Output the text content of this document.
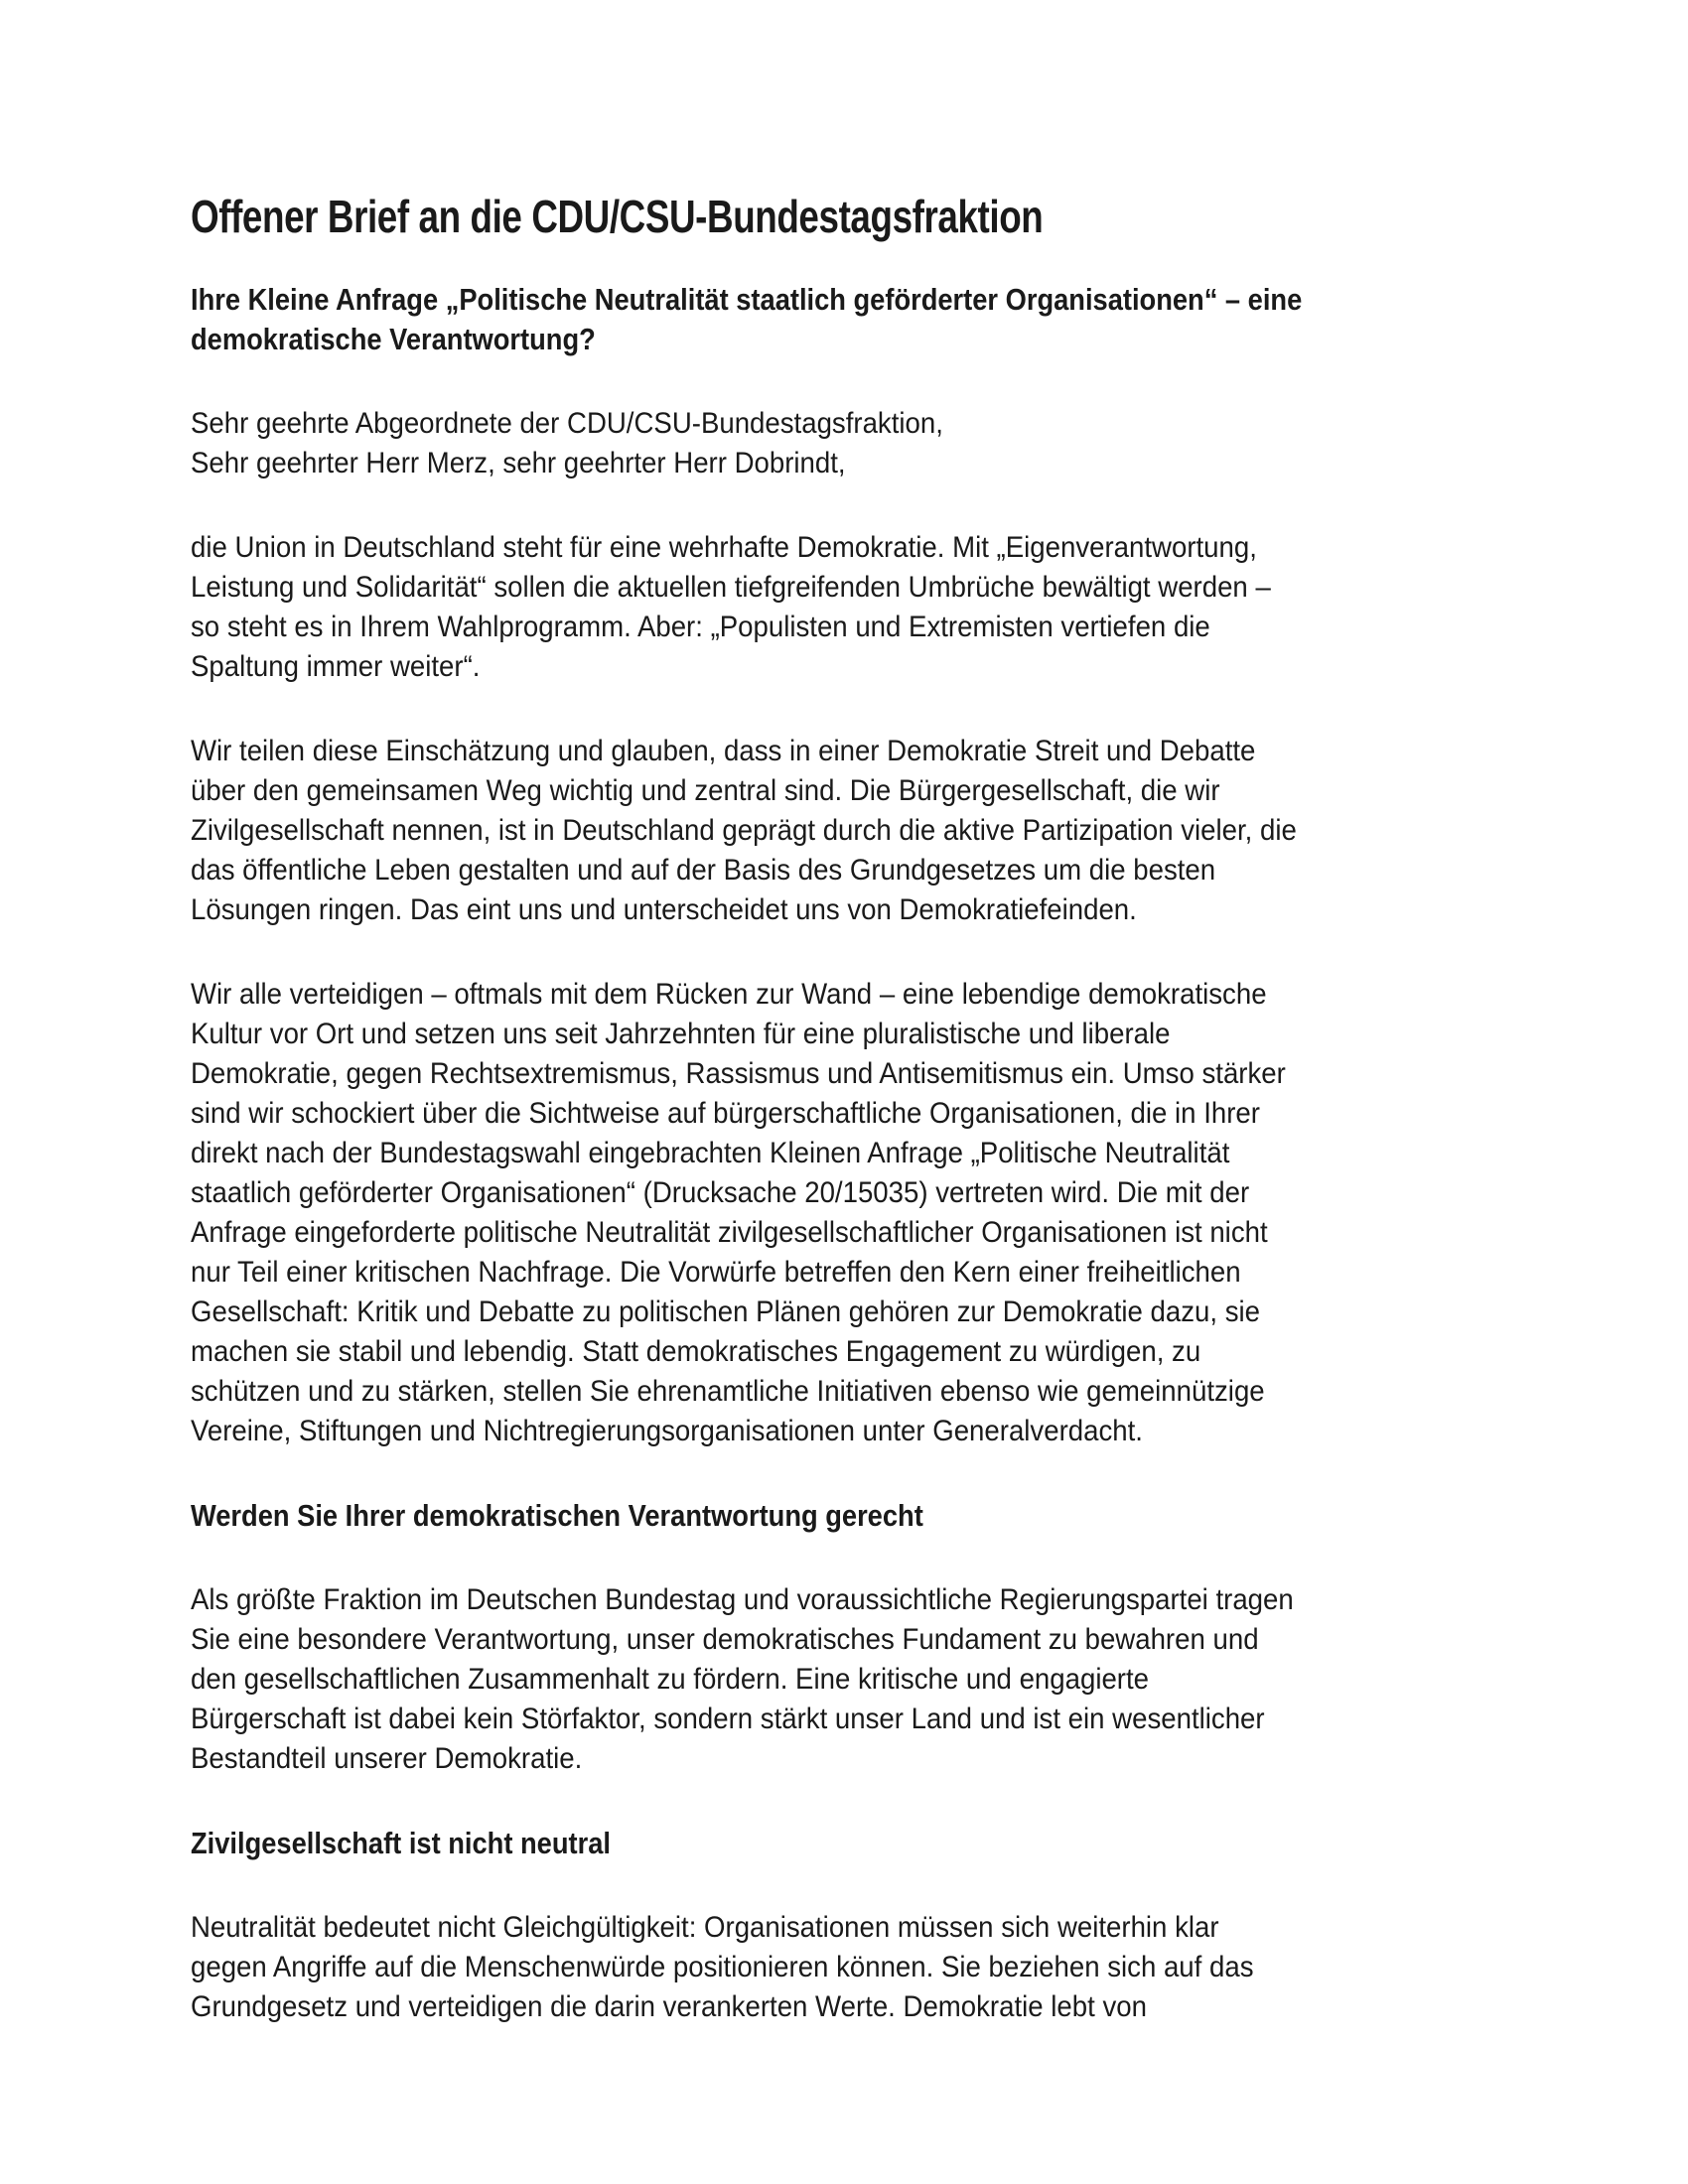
Offener Brief an die CDU/CSU-Bundestagsfraktion
Ihre Kleine Anfrage „Politische Neutralität staatlich geförderter Organisationen“ – eine
demokratische Verantwortung?
Sehr geehrte Abgeordnete der CDU/CSU-Bundestagsfraktion,
Sehr geehrter Herr Merz, sehr geehrter Herr Dobrindt,
die Union in Deutschland steht für eine wehrhafte Demokratie. Mit „Eigenverantwortung,
Leistung und Solidarität“ sollen die aktuellen tiefgreifenden Umbrüche bewältigt werden –
so steht es in Ihrem Wahlprogramm. Aber: „Populisten und Extremisten vertiefen die
Spaltung immer weiter“.
Wir teilen diese Einschätzung und glauben, dass in einer Demokratie Streit und Debatte
über den gemeinsamen Weg wichtig und zentral sind. Die Bürgergesellschaft, die wir
Zivilgesellschaft nennen, ist in Deutschland geprägt durch die aktive Partizipation vieler, die
das öffentliche Leben gestalten und auf der Basis des Grundgesetzes um die besten
Lösungen ringen. Das eint uns und unterscheidet uns von Demokratiefeinden.
Wir alle verteidigen – oftmals mit dem Rücken zur Wand – eine lebendige demokratische
Kultur vor Ort und setzen uns seit Jahrzehnten für eine pluralistische und liberale
Demokratie, gegen Rechtsextremismus, Rassismus und Antisemitismus ein. Umso stärker
sind wir schockiert über die Sichtweise auf bürgerschaftliche Organisationen, die in Ihrer
direkt nach der Bundestagswahl eingebrachten Kleinen Anfrage „Politische Neutralität
staatlich geförderter Organisationen“ (Drucksache 20/15035) vertreten wird. Die mit der
Anfrage eingeforderte politische Neutralität zivilgesellschaftlicher Organisationen ist nicht
nur Teil einer kritischen Nachfrage. Die Vorwürfe betreffen den Kern einer freiheitlichen
Gesellschaft: Kritik und Debatte zu politischen Plänen gehören zur Demokratie dazu, sie
machen sie stabil und lebendig. Statt demokratisches Engagement zu würdigen, zu
schützen und zu stärken, stellen Sie ehrenamtliche Initiativen ebenso wie gemeinnützige
Vereine, Stiftungen und Nichtregierungsorganisationen unter Generalverdacht.
Werden Sie Ihrer demokratischen Verantwortung gerecht
Als größte Fraktion im Deutschen Bundestag und voraussichtliche Regierungspartei tragen
Sie eine besondere Verantwortung, unser demokratisches Fundament zu bewahren und
den gesellschaftlichen Zusammenhalt zu fördern. Eine kritische und engagierte
Bürgerschaft ist dabei kein Störfaktor, sondern stärkt unser Land und ist ein wesentlicher
Bestandteil unserer Demokratie.
Zivilgesellschaft ist nicht neutral
Neutralität bedeutet nicht Gleichgültigkeit: Organisationen müssen sich weiterhin klar
gegen Angriffe auf die Menschenwürde positionieren können. Sie beziehen sich auf das
Grundgesetz und verteidigen die darin verankerten Werte. Demokratie lebt von
